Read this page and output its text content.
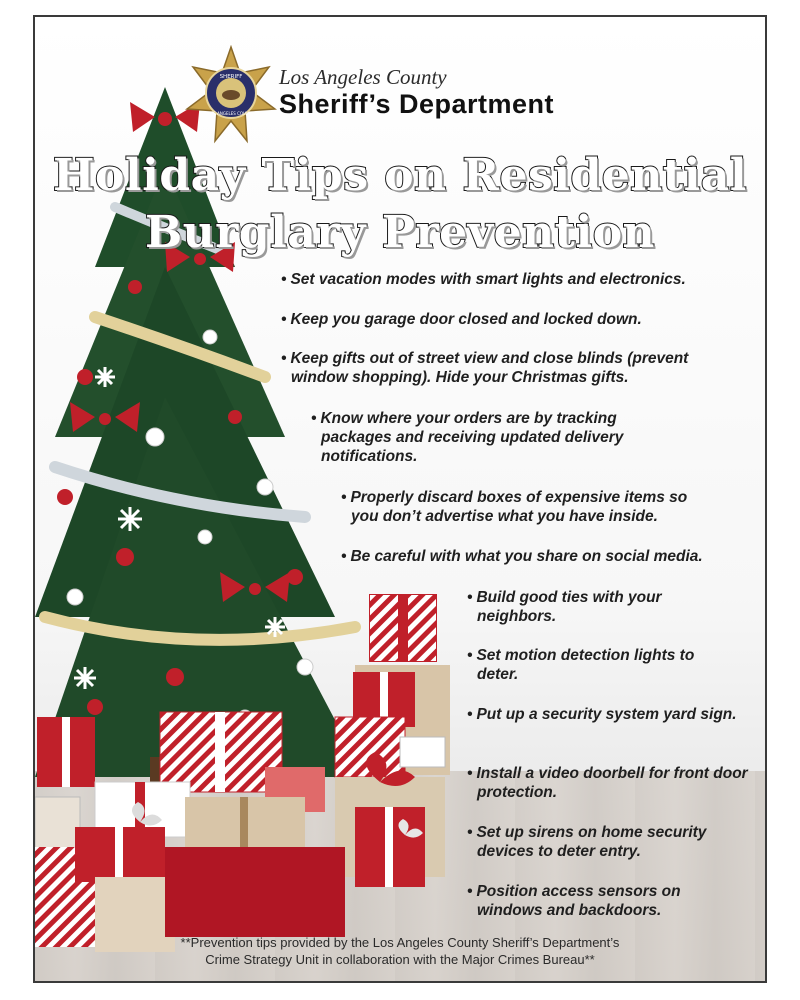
SHERIFF
LOS ANGELES COUNTY
Los Angeles County
Sheriff’s Department
Holiday Tips on Residential
Burglary Prevention
• Set vacation modes with smart lights and electronics.
• Keep you garage door closed and locked down.
• Keep gifts out of street view and close blinds (prevent window shopping). Hide your Christmas gifts.
• Know where your orders are by tracking packages and receiving updated delivery notifications.
• Properly discard boxes of expensive items so you don’t advertise what you have inside.
• Be careful with what you share on social media.
• Build good ties with your neighbors.
• Set motion detection lights to deter.
• Put up a security system yard sign.
• Install a video doorbell for front door protection.
• Set up sirens on home security devices to deter entry.
• Position access sensors on windows and backdoors.
**Prevention tips provided by the Los Angeles County Sheriff’s Department’s
Crime Strategy Unit in collaboration with the Major Crimes Bureau**
